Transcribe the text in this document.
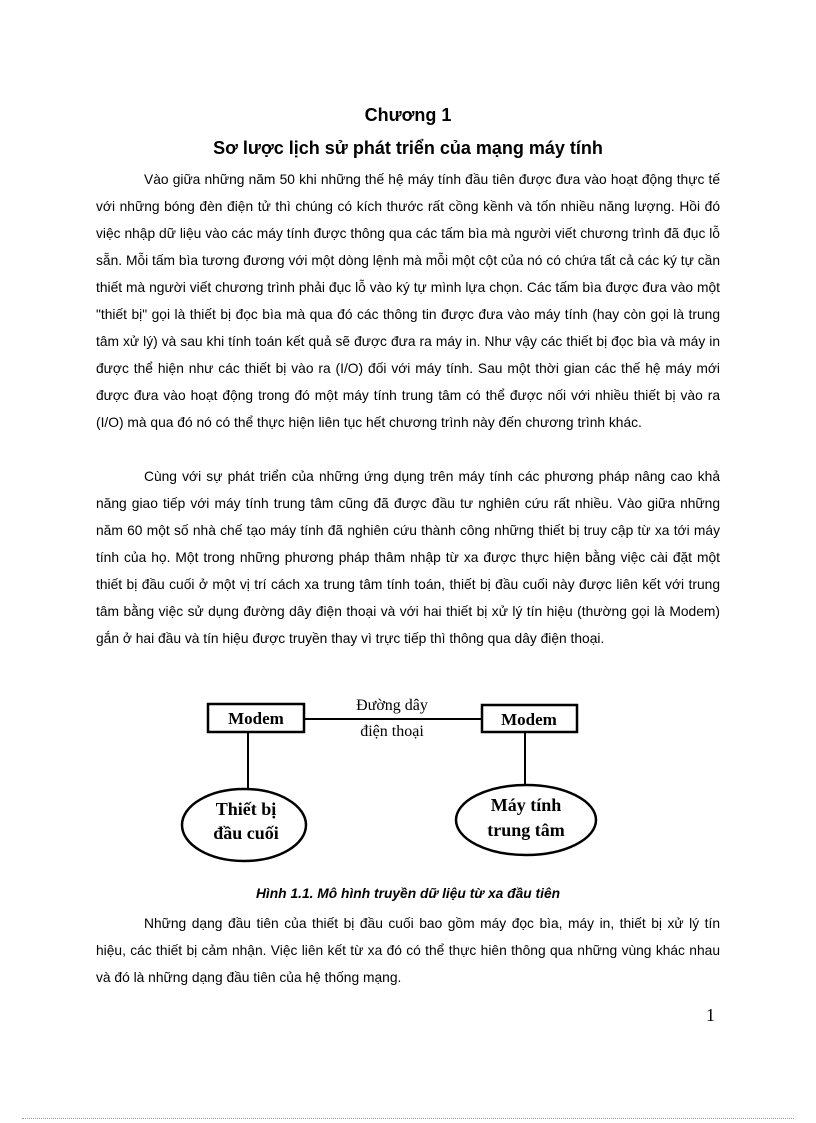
Chương 1
Sơ lược lịch sử phát triển của mạng máy tính

Vào giữa những năm 50 khi những thế hệ máy tính đầu tiên được đưa vào hoạt động thực tế với những bóng đèn điện tử thì chúng có kích thước rất cồng kềnh và tốn nhiều năng lượng. Hồi đó việc nhập dữ liệu vào các máy tính được thông qua các tấm bìa mà người viết chương trình đã đục lỗ sẵn. Mỗi tấm bìa tương đương với một dòng lệnh mà mỗi một cột của nó có chứa tất cả các ký tự cần thiết mà người viết chương trình phải đục lỗ vào ký tự mình lựa chọn. Các tấm bìa được đưa vào một "thiết bị" gọi là thiết bị đọc bìa mà qua đó các thông tin được đưa vào máy tính (hay còn gọi là trung tâm xử lý) và sau khi tính toán kết quả sẽ được đưa ra máy in. Như vậy các thiết bị đọc bìa và máy in được thể hiện như các thiết bị vào ra (I/O) đối với máy tính. Sau một thời gian các thế hệ máy mới được đưa vào hoạt động trong đó một máy tính trung tâm có thể được nối với nhiều thiết bị vào ra (I/O) mà qua đó nó có thể thực hiện liên tục hết chương trình này đến chương trình khác.

Cùng với sự phát triển của những ứng dụng trên máy tính các phương pháp nâng cao khả năng giao tiếp với máy tính trung tâm cũng đã được đầu tư nghiên cứu rất nhiều. Vào giữa những năm 60 một số nhà chế tạo máy tính đã nghiên cứu thành công những thiết bị truy cập từ xa tới máy tính của họ. Một trong những phương pháp thâm nhập từ xa được thực hiện bằng việc cài đặt một thiết bị đầu cuối ở một vị trí cách xa trung tâm tính toán, thiết bị đầu cuối này được liên kết với trung tâm bằng việc sử dụng đường dây điện thoại và với hai thiết bị xử lý tín hiệu (thường gọi là Modem) gắn ở hai đầu và tín hiệu được truyền thay vì trực tiếp thì thông qua dây điện thoại.

Modem	Modem
Đường dây
điện thoại
Thiết bị
đầu cuối
Máy tính
trung tâm
Hình 1.1. Mô hình truyền dữ liệu từ xa đầu tiên

Những dạng đầu tiên của thiết bị đầu cuối bao gồm máy đọc bìa, máy in, thiết bị xử lý tín hiệu, các thiết bị cảm nhận. Việc liên kết từ xa đó có thể thực hiên thông qua những vùng khác nhau và đó là những dạng đầu tiên của hệ thống mạng.

1
